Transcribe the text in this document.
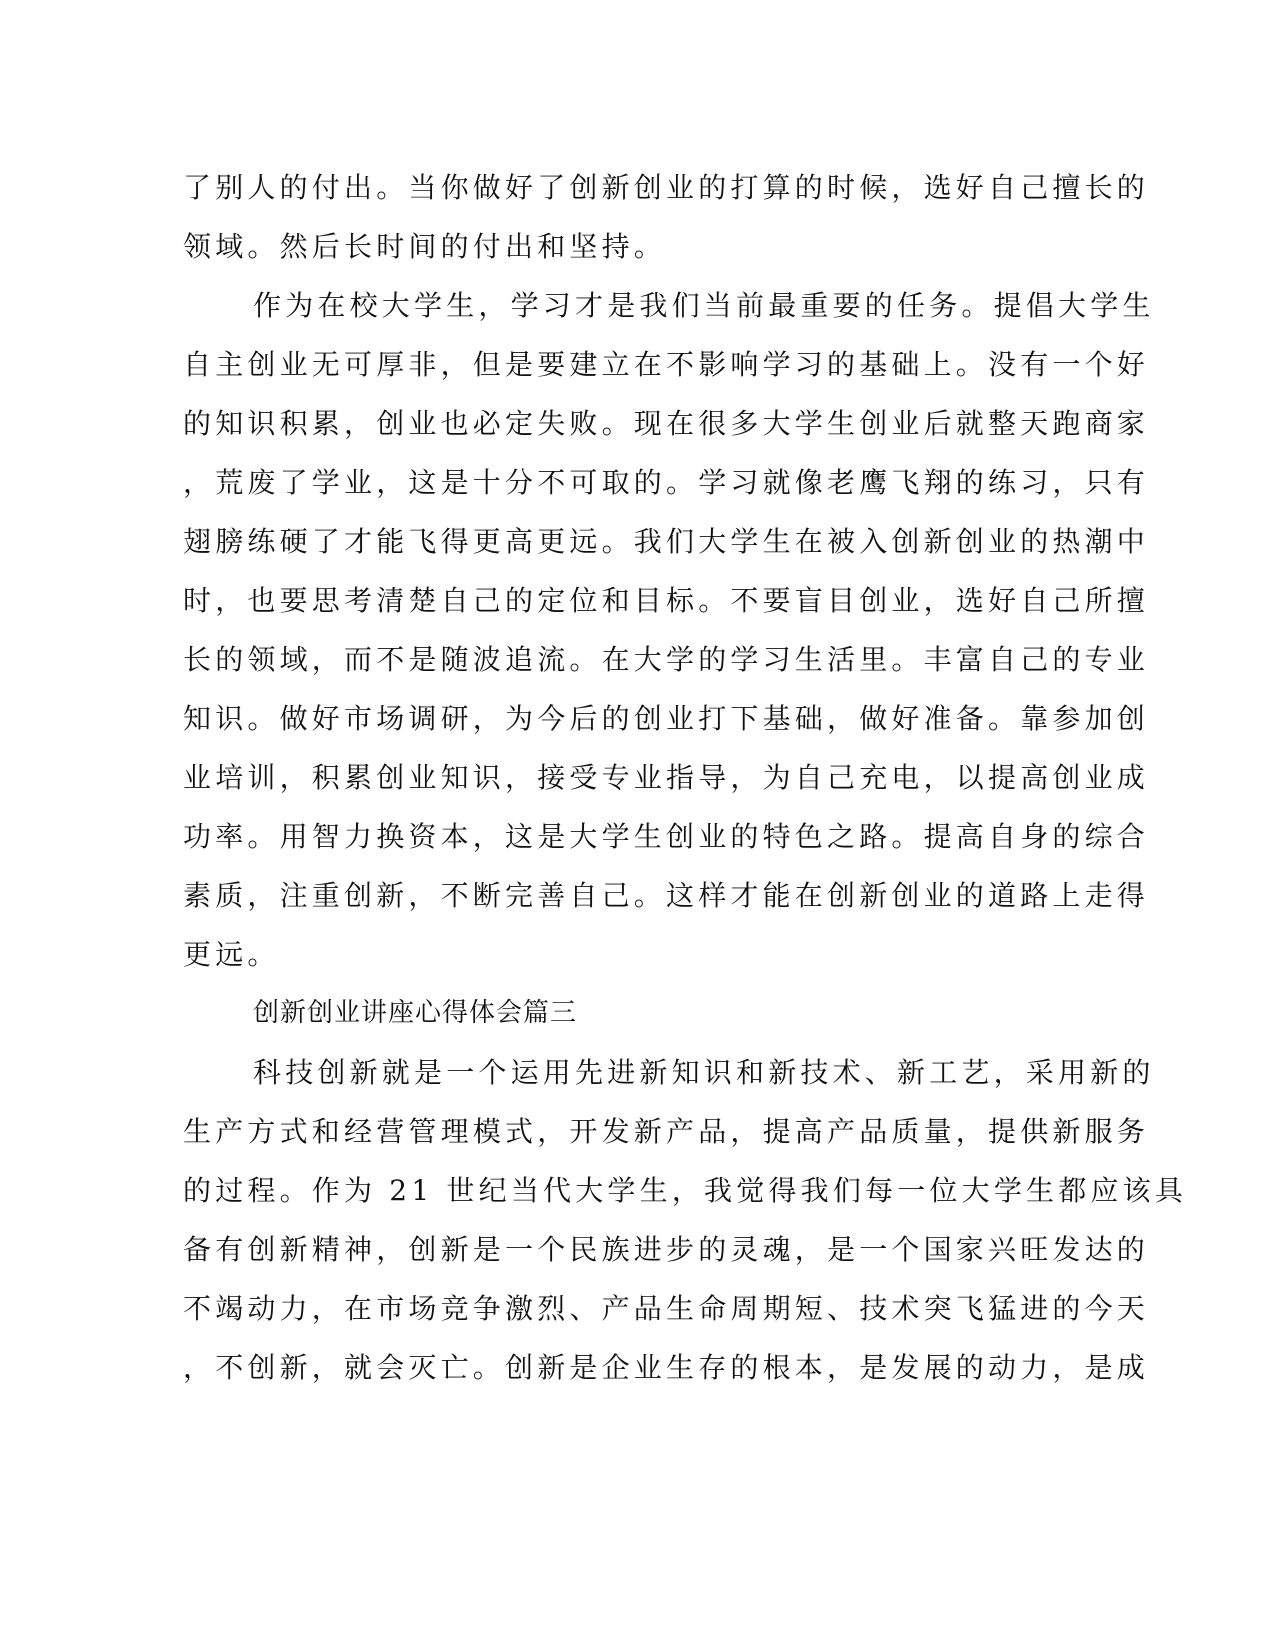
了别人的付出。当你做好了创新创业的打算的时候，选好自己擅长的
领域。然后长时间的付出和坚持。
作为在校大学生，学习才是我们当前最重要的任务。提倡大学生
自主创业无可厚非，但是要建立在不影响学习的基础上。没有一个好
的知识积累，创业也必定失败。现在很多大学生创业后就整天跑商家
，荒废了学业，这是十分不可取的。学习就像老鹰飞翔的练习，只有
翅膀练硬了才能飞得更高更远。我们大学生在被入创新创业的热潮中
时，也要思考清楚自己的定位和目标。不要盲目创业，选好自己所擅
长的领域，而不是随波追流。在大学的学习生活里。丰富自己的专业
知识。做好市场调研，为今后的创业打下基础，做好准备。靠参加创
业培训，积累创业知识，接受专业指导，为自己充电，以提高创业成
功率。用智力换资本，这是大学生创业的特色之路。提高自身的综合
素质，注重创新，不断完善自己。这样才能在创新创业的道路上走得
更远。
创新创业讲座心得体会篇三
科技创新就是一个运用先进新知识和新技术、新工艺，采用新的
生产方式和经营管理模式，开发新产品，提高产品质量，提供新服务
的过程。作为 21 世纪当代大学生，我觉得我们每一位大学生都应该具
备有创新精神，创新是一个民族进步的灵魂，是一个国家兴旺发达的
不竭动力，在市场竞争激烈、产品生命周期短、技术突飞猛进的今天
，不创新，就会灭亡。创新是企业生存的根本，是发展的动力，是成
